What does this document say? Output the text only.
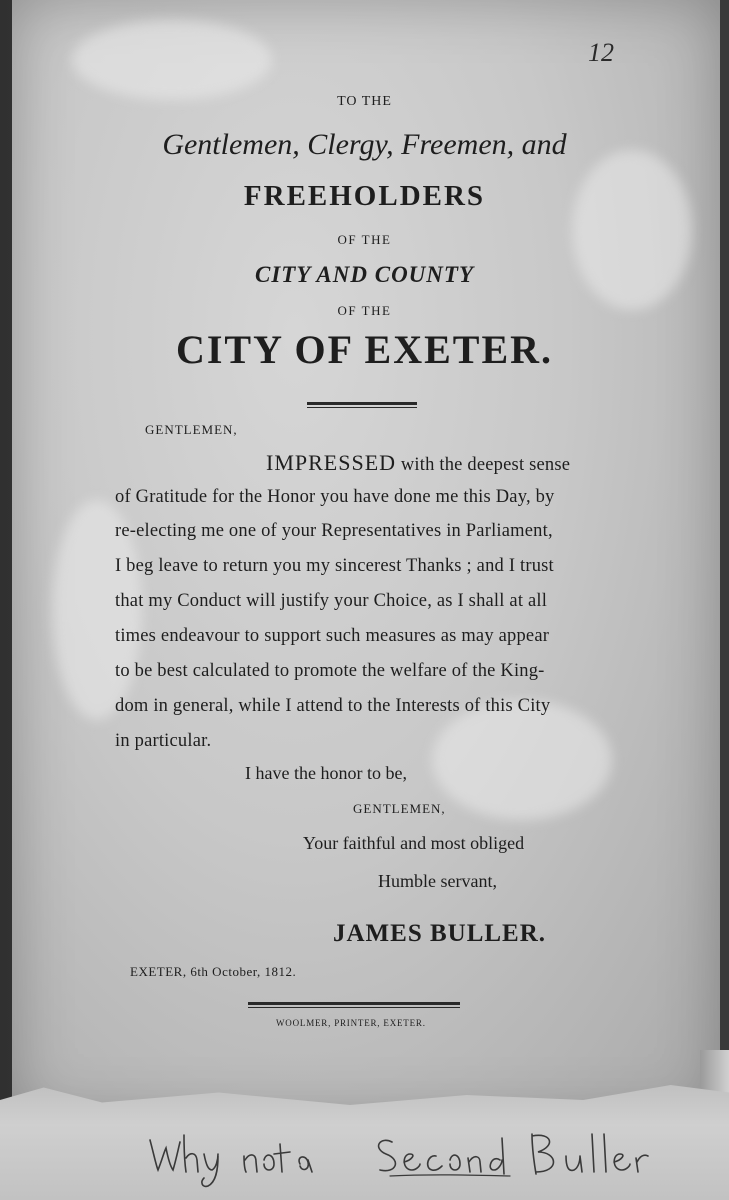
12
TO THE
Gentlemen, Clergy, Freemen, and
FREEHOLDERS
OF THE
CITY AND COUNTY
OF THE
CITY OF EXETER.
GENTLEMEN,
IMPRESSED with the deepest sense
of Gratitude for the Honor you have done me this Day, by
re-electing me one of your Representatives in Parliament,
I beg leave to return you my sincerest Thanks ; and I trust
that my Conduct will justify your Choice, as I shall at all
times endeavour to support such measures as may appear
to be best calculated to promote the welfare of the King-
dom in general, while I attend to the Interests of this City
in particular.
I have the honor to be,
GENTLEMEN,
Your faithful and most obliged
Humble servant,
JAMES BULLER.
EXETER, 6th October, 1812.
WOOLMER, PRINTER, EXETER.
